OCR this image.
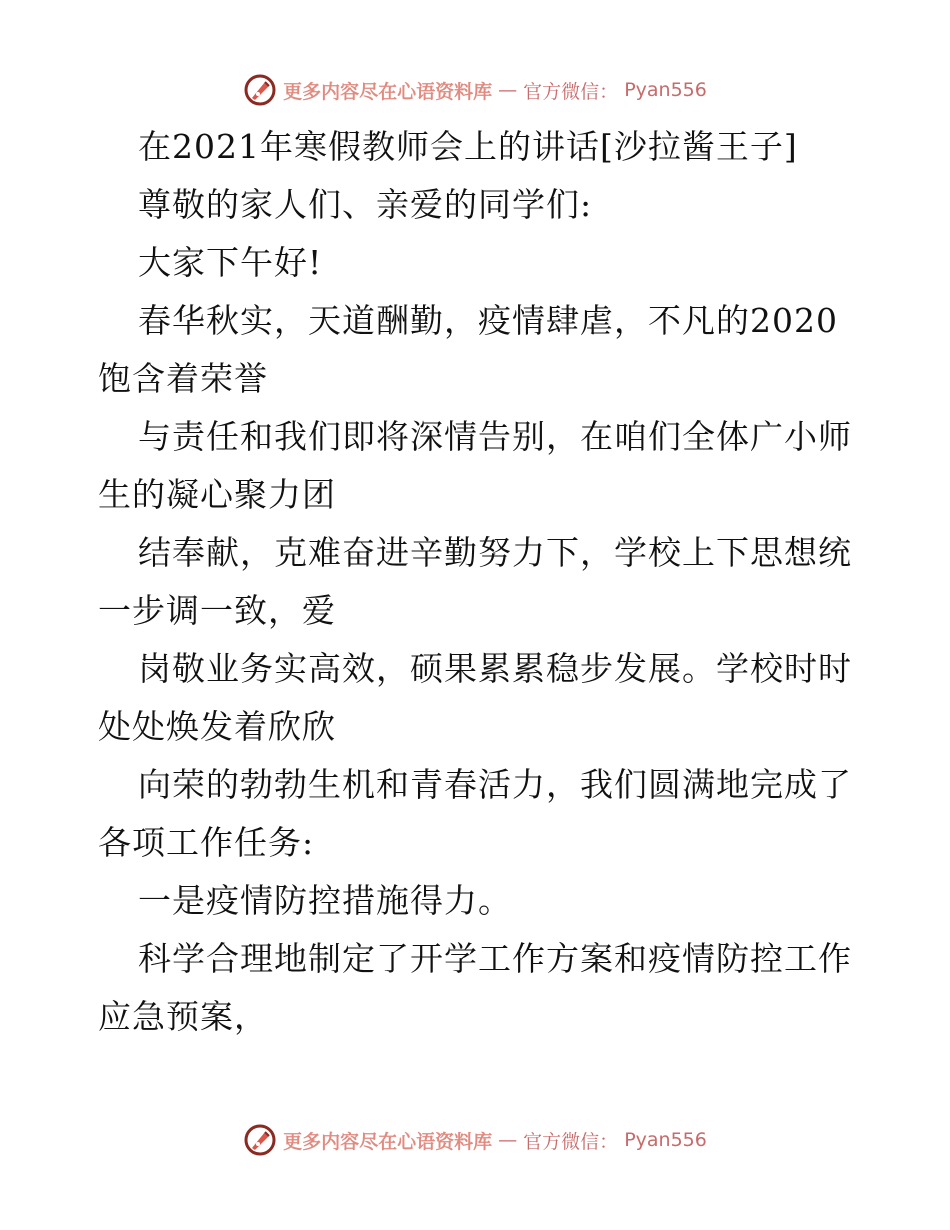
更多内容尽在心语资料库 — 官方微信： Pyan556

在2021年寒假教师会上的讲话[沙拉酱王子]

尊敬的家人们、亲爱的同学们:

大家下午好!

春华秋实，天道酬勤，疫情肆虐，不凡的2020饱含着荣誉

与责任和我们即将深情告别，在咱们全体广小师生的凝心聚力团

结奉献，克难奋进辛勤努力下，学校上下思想统一步调一致，爱

岗敬业务实高效，硕果累累稳步发展。学校时时处处焕发着欣欣

向荣的勃勃生机和青春活力，我们圆满地完成了各项工作任务:

一是疫情防控措施得力。

科学合理地制定了开学工作方案和疫情防控工作应急预案，

更多内容尽在心语资料库 — 官方微信： Pyan556
